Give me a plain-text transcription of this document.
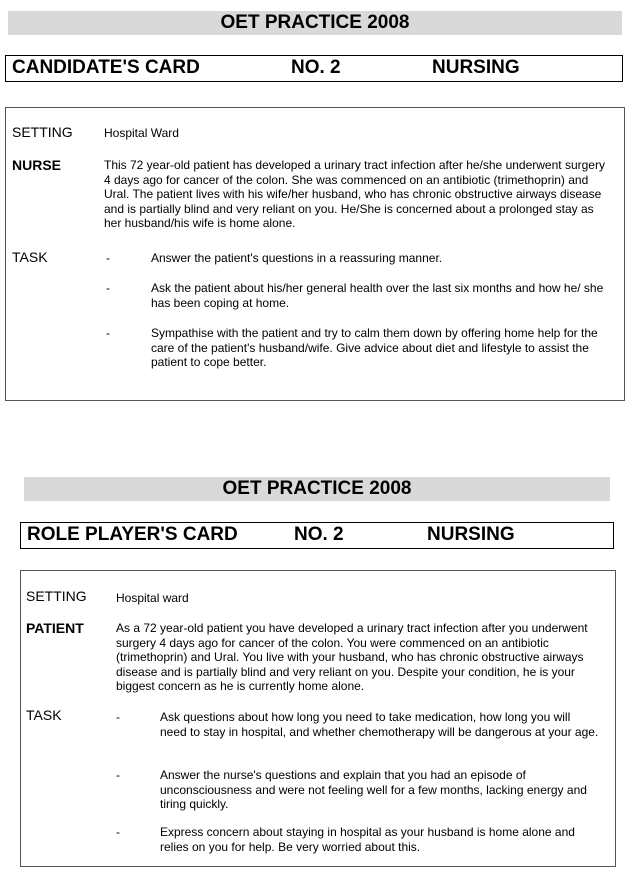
OET PRACTICE 2008
CANDIDATE'S CARD	NO. 2	NURSING
SETTING	Hospital Ward
NURSE	This 72 year-old patient has developed a urinary tract infection after he/she underwent surgery 4 days ago for cancer of the colon. She was commenced on an antibiotic (trimethoprin) and Ural. The patient lives with his wife/her husband, who has chronic obstructive airways disease and is partially blind and very reliant on you. He/She is concerned about a prolonged stay as her husband/his wife is home alone.
TASK	-	Answer the patient's questions in a reassuring manner.
-	Ask the patient about his/her general health over the last six months and how he/ she has been coping at home.
-	Sympathise with the patient and try to calm them down by offering home help for the care of the patient's husband/wife. Give advice about diet and lifestyle to assist the patient to cope better.
OET PRACTICE 2008
ROLE PLAYER'S CARD	NO. 2	NURSING
SETTING Hospital ward
PATIENT	As a 72 year-old patient you have developed a urinary tract infection after you underwent surgery 4 days ago for cancer of the colon. You were commenced on an antibiotic (trimethoprin) and Ural. You live with your husband, who has chronic obstructive airways disease and is partially blind and very reliant on you. Despite your condition, he is your biggest concern as he is currently home alone.
TASK	-	Ask questions about how long you need to take medication, how long you will need to stay in hospital, and whether chemotherapy will be dangerous at your age.
-	Answer the nurse's questions and explain that you had an episode of unconsciousness and were not feeling well for a few months, lacking energy and tiring quickly.
-	Express concern about staying in hospital as your husband is home alone and relies on you for help. Be very worried about this.
